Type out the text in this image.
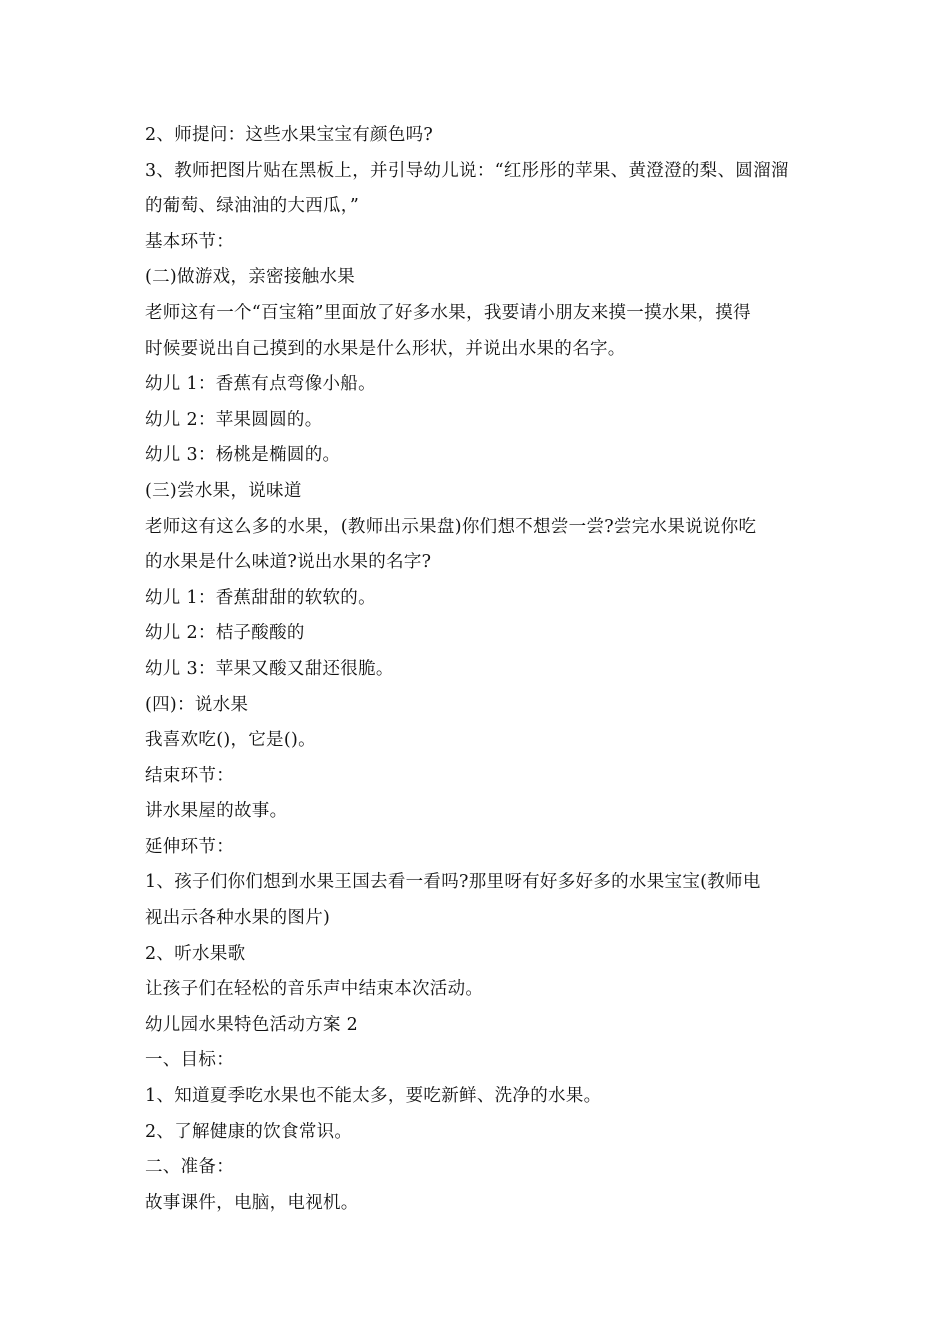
2、师提问：这些水果宝宝有颜色吗?
3、教师把图片贴在黑板上，并引导幼儿说：“红彤彤的苹果、黄澄澄的梨、圆溜溜
的葡萄、绿油油的大西瓜，”
基本环节：
(二)做游戏，亲密接触水果
老师这有一个“百宝箱”里面放了好多水果，我要请小朋友来摸一摸水果，摸得
时候要说出自己摸到的水果是什么形状，并说出水果的名字。
幼儿 1：香蕉有点弯像小船。
幼儿 2：苹果圆圆的。
幼儿 3：杨桃是椭圆的。
(三)尝水果，说味道
老师这有这么多的水果，(教师出示果盘)你们想不想尝一尝?尝完水果说说你吃
的水果是什么味道?说出水果的名字?
幼儿 1：香蕉甜甜的软软的。
幼儿 2：桔子酸酸的
幼儿 3：苹果又酸又甜还很脆。
(四)：说水果
我喜欢吃()，它是()。
结束环节：
讲水果屋的故事。
延伸环节：
1、孩子们你们想到水果王国去看一看吗?那里呀有好多好多的水果宝宝(教师电
视出示各种水果的图片)
2、听水果歌
让孩子们在轻松的音乐声中结束本次活动。
幼儿园水果特色活动方案 2
一、目标：
1、知道夏季吃水果也不能太多，要吃新鲜、洗净的水果。
2、了解健康的饮食常识。
二、准备：
故事课件，电脑，电视机。
